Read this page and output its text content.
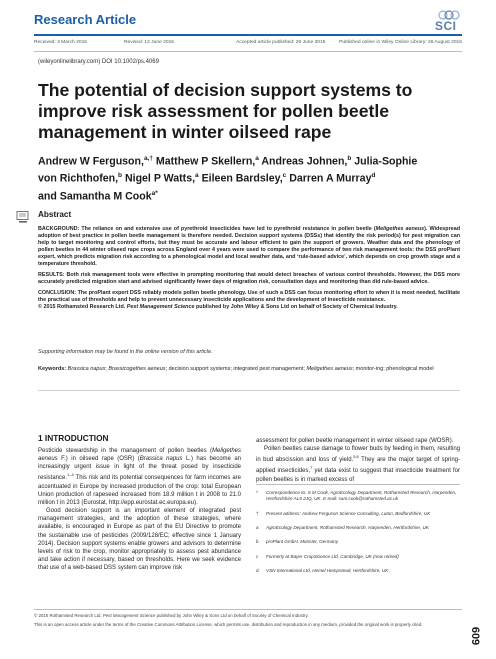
Research Article	SCI
Received: 3 March 2015	Revised: 12 June 2015	Accepted article published: 26 June 2015	Published online in Wiley Online Library: 26 August 2015
(wileyonlinelibrary.com) DOI 10.1002/ps.4069
The potential of decision support systems to
improve risk assessment for pollen beetle
management in winter oilseed rape
Andrew W Ferguson,$^{a,\dagger}$ Matthew P Skellern,$^a$ Andreas Johnen,$^b$ Julia-Sophie
von Richthofen,$^b$ Nigel P Watts,$^a$ Eileen Bardsley,$^c$ Darren A Murray$^d$
and Samantha M Cook$^{a*}$
Abstract

BACKGROUND: The reliance on and extensive use of pyrethroid insecticides have led to pyrethroid resistance in pollen beetle (Meligethes aeneus). Widespread adoption of best practice in pollen beetle management is therefore needed. Decision support systems (DSSs) that identify the risk period(s) for pest migration can help to target monitoring and control efforts, but they must be accurate and labour efficient to gain the support of growers. Weather data and the phenology of pollen beetles in 44 winter oilseed rape crops across England over 4 years were used to compare the performance of two risk management tools: the DSS proPlant expert, which predicts migration risk according to a phenological model and local weather data, and ‘rule-based advice’, which depends on crop growth stage and a temperature threshold.

RESULTS: Both risk management tools were effective in prompting monitoring that would detect breaches of various control thresholds. However, the DSS more accurately predicted migration start and advised significantly fewer days of migration risk, consultation days and monitoring than did rule-based advice.

CONCLUSION: The proPlant expert DSS reliably models pollen beetle phenology. Use of such a DSS can focus monitoring effort to when it is most needed, facilitate the practical use of thresholds and help to prevent unnecessary insecticide applications and the development of insecticide resistance.
© 2015 Rothamsted Research Ltd. Pest Management Science published by John Wiley & Sons Ltd on behalf of Society of Chemical Industry.

Supporting information may be found in the online version of this article.
Keywords: Brassica napus; Brassicogethes aeneus; decision support systems; integrated pest management; Meligethes aeneus; monitor-ing; phenological model
1 INTRODUCTION

Pesticide stewardship in the management of pollen beetles (Meligethes aeneus F.) in oilseed rape (OSR) (Brassica napus L.) has become an increasingly urgent issue in light of the threat posed by insecticide resistance.$^{1-4}$ This risk and its potential consequences for farm incomes are accentuated in Europe by increased production of the crop: total European Union production of rapeseed increased from 18.9 million t in 2008 to 21.0 million t in 2013 (Eurostat, http://epp.eurostat.ec.europa.eu).

Good decision support is an important element of integrated pest management strategies, and the adoption of these strategies, where available, is encouraged in Europe as part of the EU Directive to promote the sustainable use of pesticides (2009/128/EC; effective since 1 January 2014). Decision support systems enable growers and advisors to determine levels of risk to the crop, monitor appropriately to assess pest abundance and take action if necessary, based on thresholds. Here we seek evidence that use of a web-based DSS system can improve risk

assessment for pollen beetle management in winter oilseed rape (WOSR).

Pollen beetles cause damage to flower buds by feeding in them, resulting in bud abscission and loss of yield.$^{5,6}$ They are the major target of spring-applied insecticides,$^7$ yet data exist to suggest that insecticide treatment for pollen beetles is in marked excess of

* Correspondence to: S M Cook, AgroEcology Department, Rothamsted Research, Harpenden, Hertfordshire AL5 2JQ, UK. E-mail: sam.cook@rothamsted.ac.uk
† Present address: Andrew Ferguson Science Consulting, Luton, Bedfordshire, UK
a AgroEcology Department, Rothamsted Research, Harpenden, Hertfordshire, UK
b proPlant GmbH, Münster, Germany
c Formerly at Bayer CropScience Ltd, Cambridge, UK (now retired)
d VSN International Ltd, Hemel Hempstead, Hertfordshire, UK

© 2015 Rothamsted Research Ltd. Pest Management Science published by John Wiley & Sons Ltd on behalf of Society of Chemical Industry.

This is an open access article under the terms of the Creative Commons Attribution License, which permits use, distribution and reproduction in any medium, provided the original work is properly cited.

609
